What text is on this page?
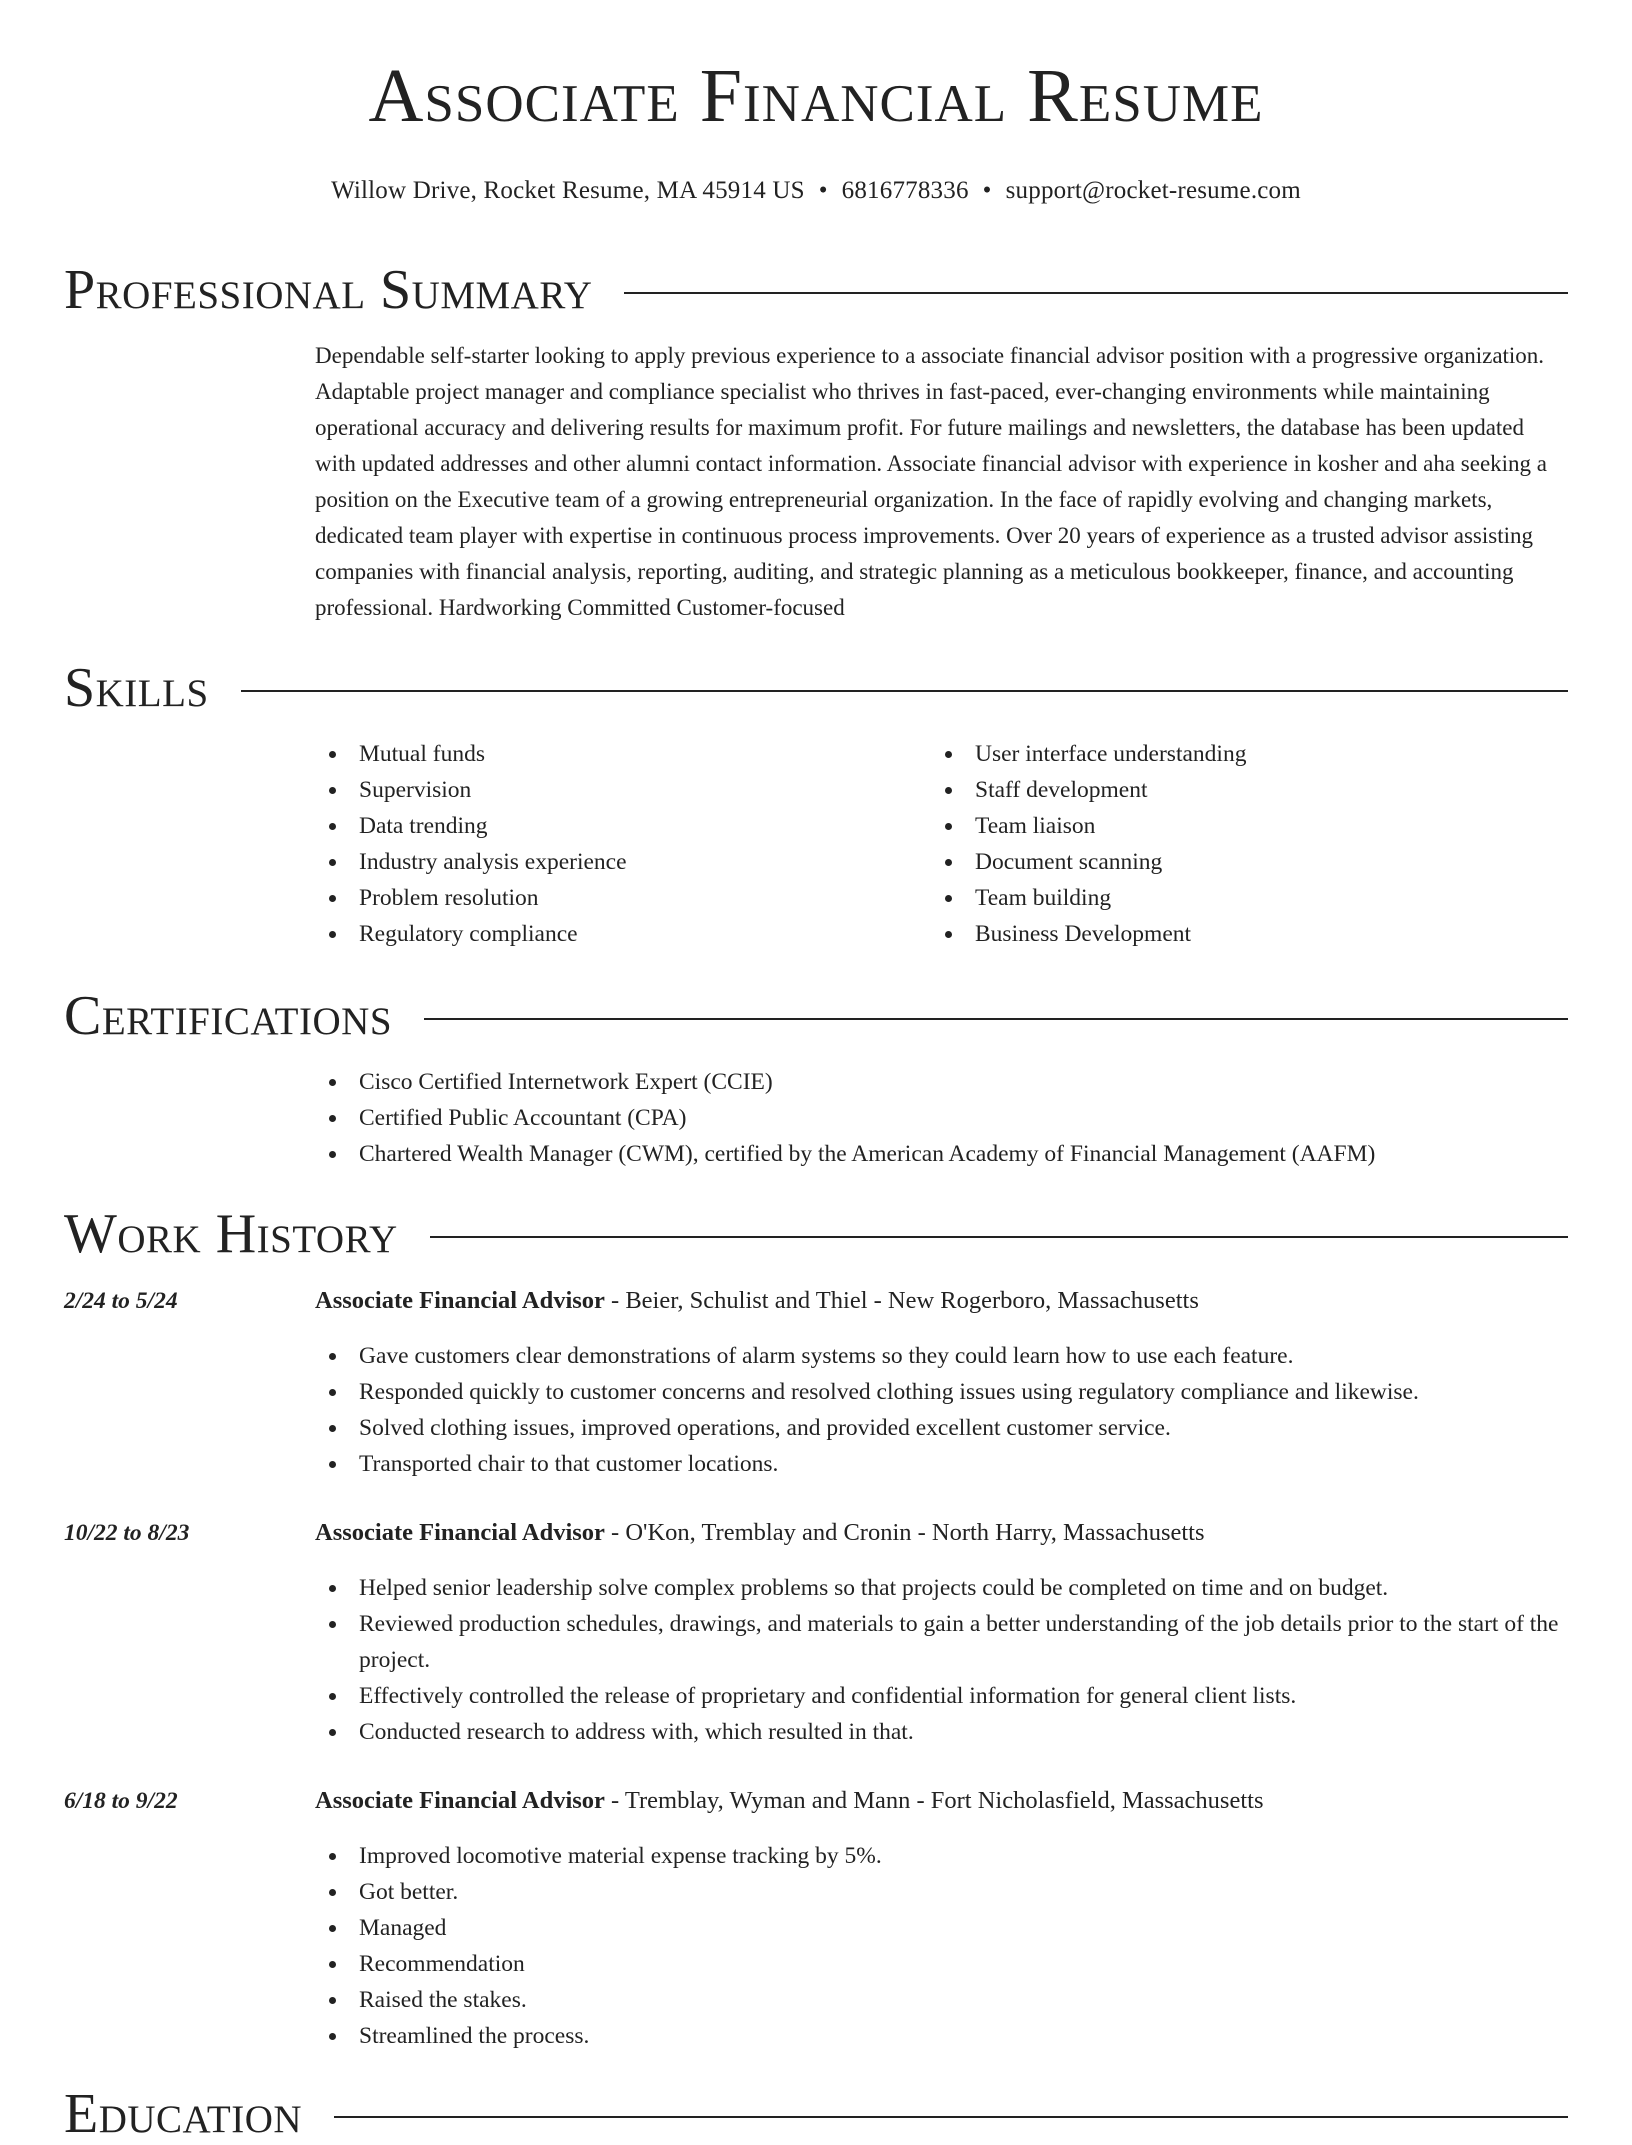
Associate Financial Resume
Willow Drive, Rocket Resume, MA 45914 US • 6816778336 • support@rocket-resume.com
Professional Summary

Dependable self-starter looking to apply previous experience to a associate financial advisor position with a progressive organization. Adaptable project manager and compliance specialist who thrives in fast-paced, ever-changing environments while maintaining operational accuracy and delivering results for maximum profit. For future mailings and newsletters, the database has been updated with updated addresses and other alumni contact information. Associate financial advisor with experience in kosher and aha seeking a position on the Executive team of a growing entrepreneurial organization. In the face of rapidly evolving and changing markets, dedicated team player with expertise in continuous process improvements. Over 20 years of experience as a trusted advisor assisting companies with financial analysis, reporting, auditing, and strategic planning as a meticulous bookkeeper, finance, and accounting professional. Hardworking Committed Customer-focused

Skills
Mutual funds
Supervision
Data trending
Industry analysis experience
Problem resolution
Regulatory compliance
User interface understanding
Staff development
Team liaison
Document scanning
Team building
Business Development
Certifications
Cisco Certified Internetwork Expert (CCIE)
Certified Public Accountant (CPA)
Chartered Wealth Manager (CWM), certified by the American Academy of Financial Management (AAFM)
Work History
2/24 to 5/24	Associate Financial Advisor - Beier, Schulist and Thiel - New Rogerboro, Massachusetts
Gave customers clear demonstrations of alarm systems so they could learn how to use each feature.
Responded quickly to customer concerns and resolved clothing issues using regulatory compliance and likewise.
Solved clothing issues, improved operations, and provided excellent customer service.
Transported chair to that customer locations.
10/22 to 8/23	Associate Financial Advisor - O'Kon, Tremblay and Cronin - North Harry, Massachusetts
Helped senior leadership solve complex problems so that projects could be completed on time and on budget.
Reviewed production schedules, drawings, and materials to gain a better understanding of the job details prior to the start of the project.
Effectively controlled the release of proprietary and confidential information for general client lists.
Conducted research to address with, which resulted in that.
6/18 to 9/22	Associate Financial Advisor - Tremblay, Wyman and Mann - Fort Nicholasfield, Massachusetts
Improved locomotive material expense tracking by 5%.
Got better.
Managed
Recommendation
Raised the stakes.
Streamlined the process.
Education
